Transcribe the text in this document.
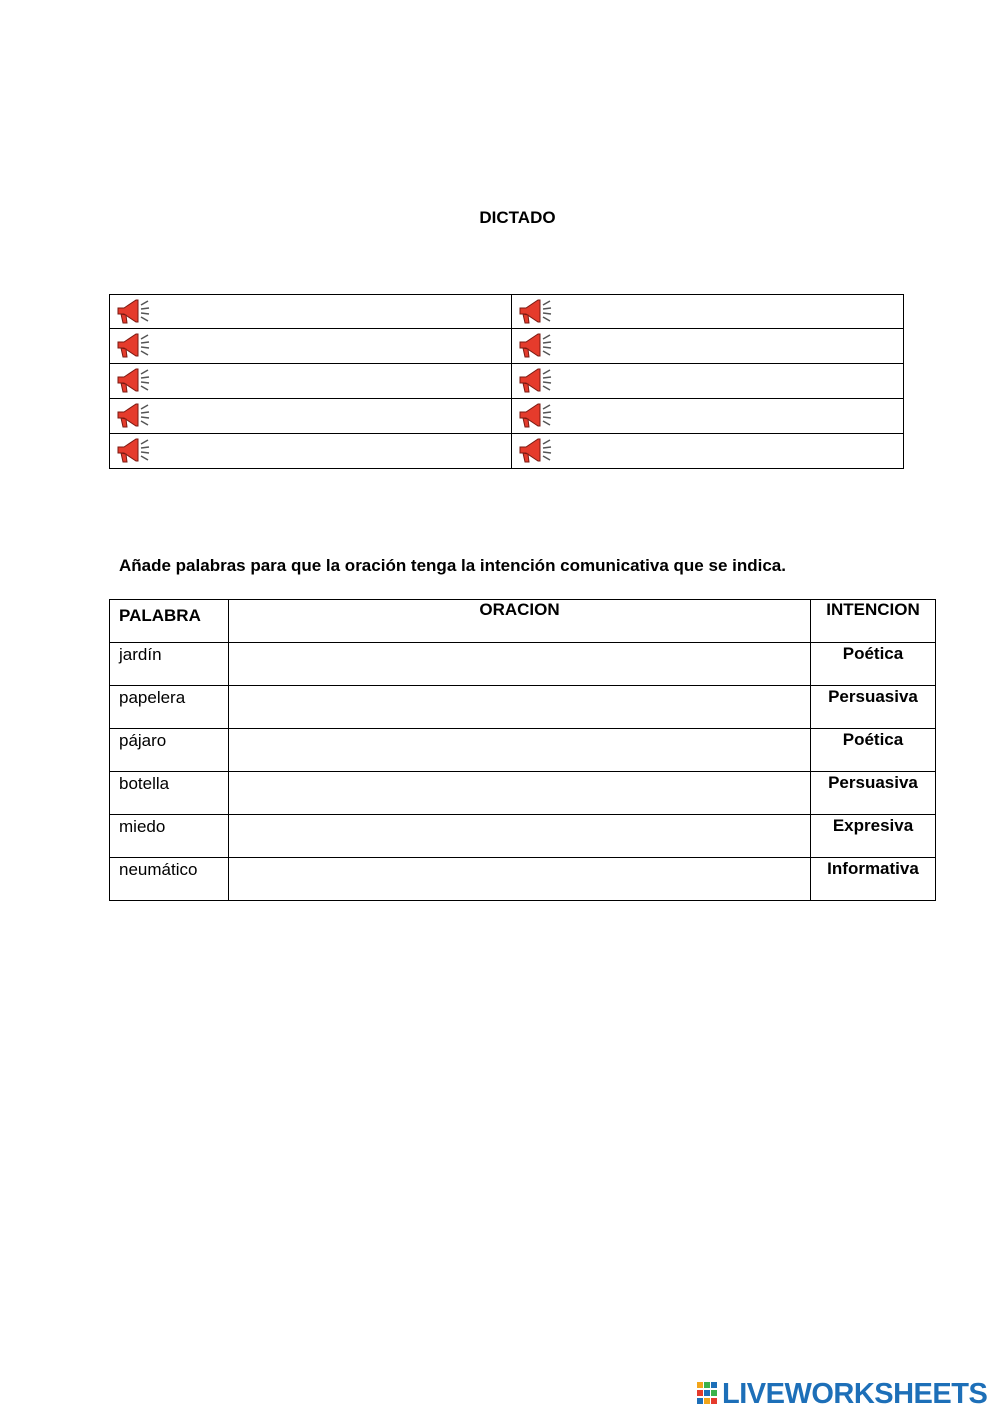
DICTADO
Añade palabras para que la oración tenga la intención comunicativa que se indica.
PALABRA	ORACION	INTENCION
jardín		Poética
papelera		Persuasiva
pájaro		Poética
botella		Persuasiva
miedo		Expresiva
neumático		Informativa
LIVEWORKSHEETS
